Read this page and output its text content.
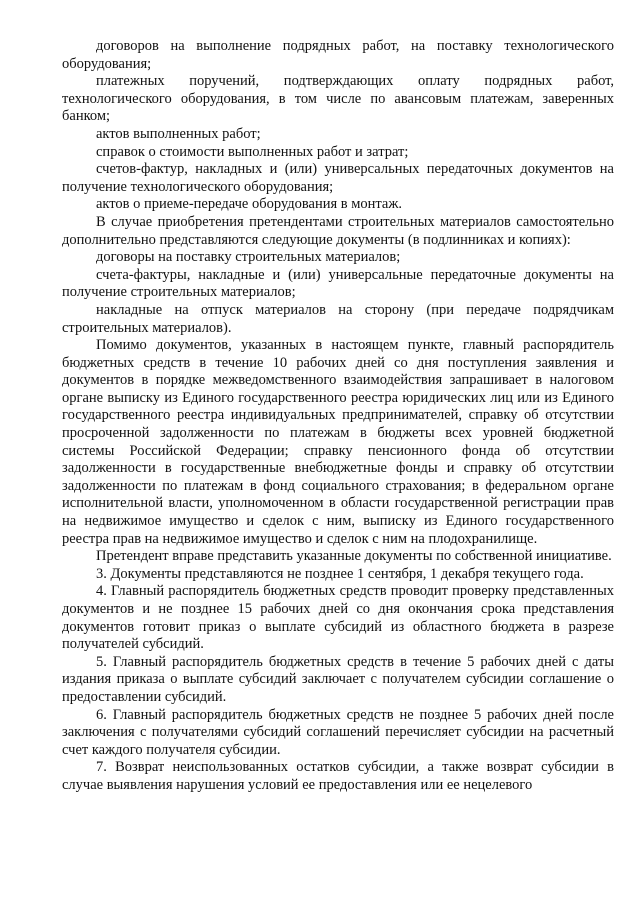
договоров на выполнение подрядных работ, на поставку технологического оборудования;

платежных поручений, подтверждающих оплату подрядных работ, технологического оборудования, в том числе по авансовым платежам, заверенных банком;

актов выполненных работ;

справок о стоимости выполненных работ и затрат;

счетов-фактур, накладных и (или) универсальных передаточных документов на получение технологического оборудования;

актов о приеме-передаче оборудования в монтаж.

В случае приобретения претендентами строительных материалов самостоятельно дополнительно представляются следующие документы (в подлинниках и копиях):

договоры на поставку строительных материалов;

счета-фактуры, накладные и (или) универсальные передаточные документы на получение строительных материалов;

накладные на отпуск материалов на сторону (при передаче подрядчикам строительных материалов).

Помимо документов, указанных в настоящем пункте, главный распорядитель бюджетных средств в течение 10 рабочих дней со дня поступления заявления и документов в порядке межведомственного взаимодействия запрашивает в налоговом органе выписку из Единого государственного реестра юридических лиц или из Единого государственного реестра индивидуальных предпринимателей, справку об отсутствии просроченной задолженности по платежам в бюджеты всех уровней бюджетной системы Российской Федерации; справку пенсионного фонда об отсутствии задолженности в государственные внебюджетные фонды и справку об отсутствии задолженности по платежам в фонд социального страхования; в федеральном органе исполнительной власти, уполномоченном в области государственной регистрации прав на недвижимое имущество и сделок с ним, выписку из Единого государственного реестра прав на недвижимое имущество и сделок с ним на плодохранилище.

Претендент вправе представить указанные документы по собственной инициативе.

3. Документы представляются не позднее 1 сентября, 1 декабря текущего года.

4. Главный распорядитель бюджетных средств проводит проверку представленных документов и не позднее 15 рабочих дней со дня окончания срока представления документов готовит приказ о выплате субсидий из областного бюджета в разрезе получателей субсидий.

5. Главный распорядитель бюджетных средств в течение 5 рабочих дней с даты издания приказа о выплате субсидий заключает с получателем субсидии соглашение о предоставлении субсидий.

6. Главный распорядитель бюджетных средств не позднее 5 рабочих дней после заключения с получателями субсидий соглашений перечисляет субсидии на расчетный счет каждого получателя субсидии.

7. Возврат неиспользованных остатков субсидии, а также возврат субсидии в случае выявления нарушения условий ее предоставления или ее нецелевого
